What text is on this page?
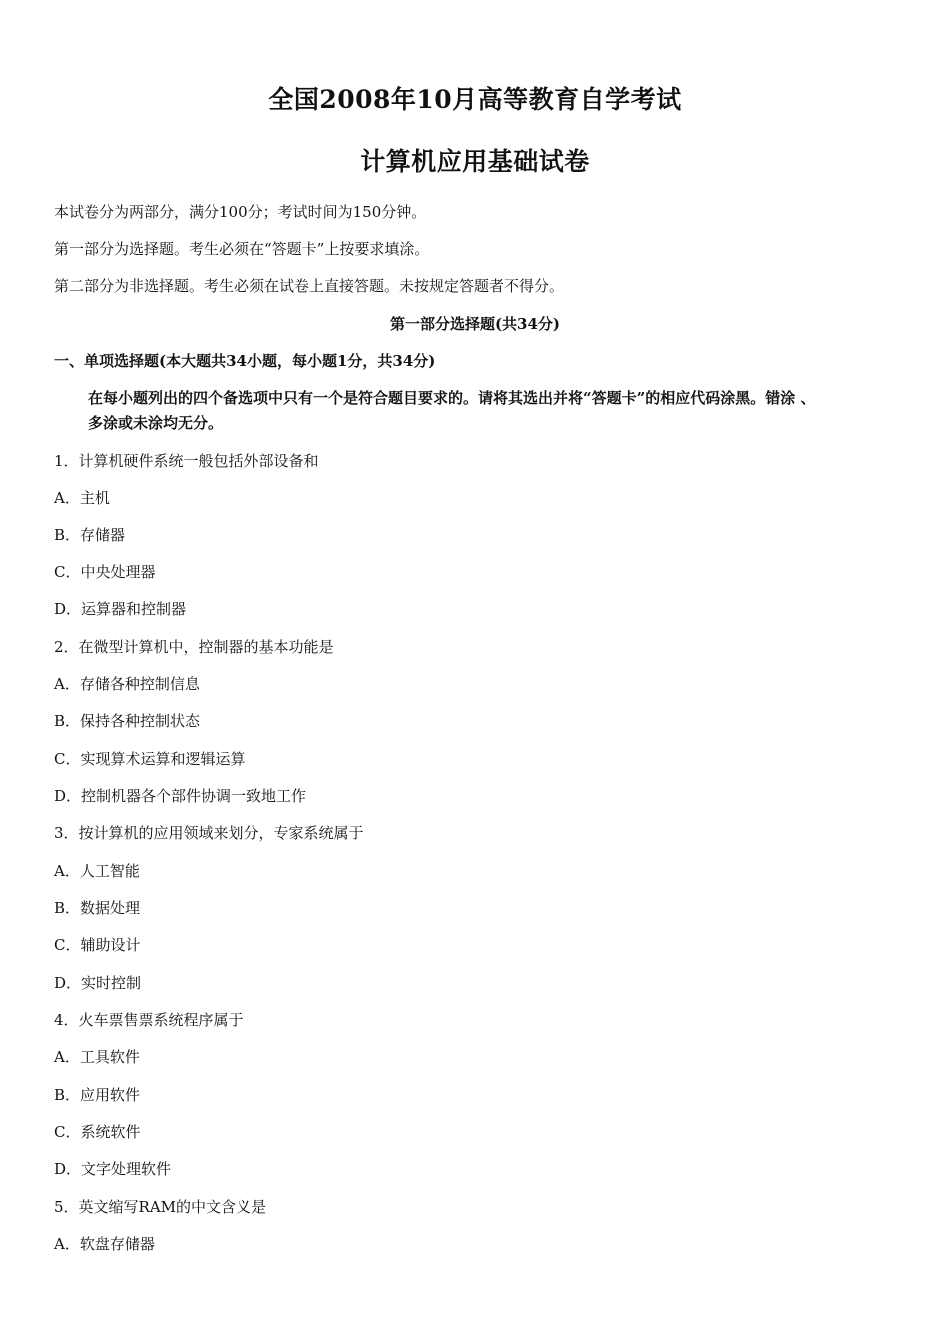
全国2008年10月高等教育自学考试
计算机应用基础试卷
本试卷分为两部分，满分100分；考试时间为150分钟。
第一部分为选择题。考生必须在“答题卡”上按要求填涂。
第二部分为非选择题。考生必须在试卷上直接答题。未按规定答题者不得分。
第一部分选择题(共34分)
一、单项选择题(本大题共34小题，每小题1分，共34分)
在每小题列出的四个备选项中只有一个是符合题目要求的。请将其选出并将“答题卡”的相应代码涂黑。错涂 、
多涂或未涂均无分。
1．计算机硬件系统一般包括外部设备和
A．主机
B．存储器
C．中央处理器
D．运算器和控制器
2．在微型计算机中，控制器的基本功能是
A．存储各种控制信息
B．保持各种控制状态
C．实现算术运算和逻辑运算
D．控制机器各个部件协调一致地工作
3．按计算机的应用领域来划分，专家系统属于
A．人工智能
B．数据处理
C．辅助设计
D．实时控制
4．火车票售票系统程序属于
A．工具软件
B．应用软件
C．系统软件
D．文字处理软件
5．英文缩写RAM的中文含义是
A．软盘存储器
